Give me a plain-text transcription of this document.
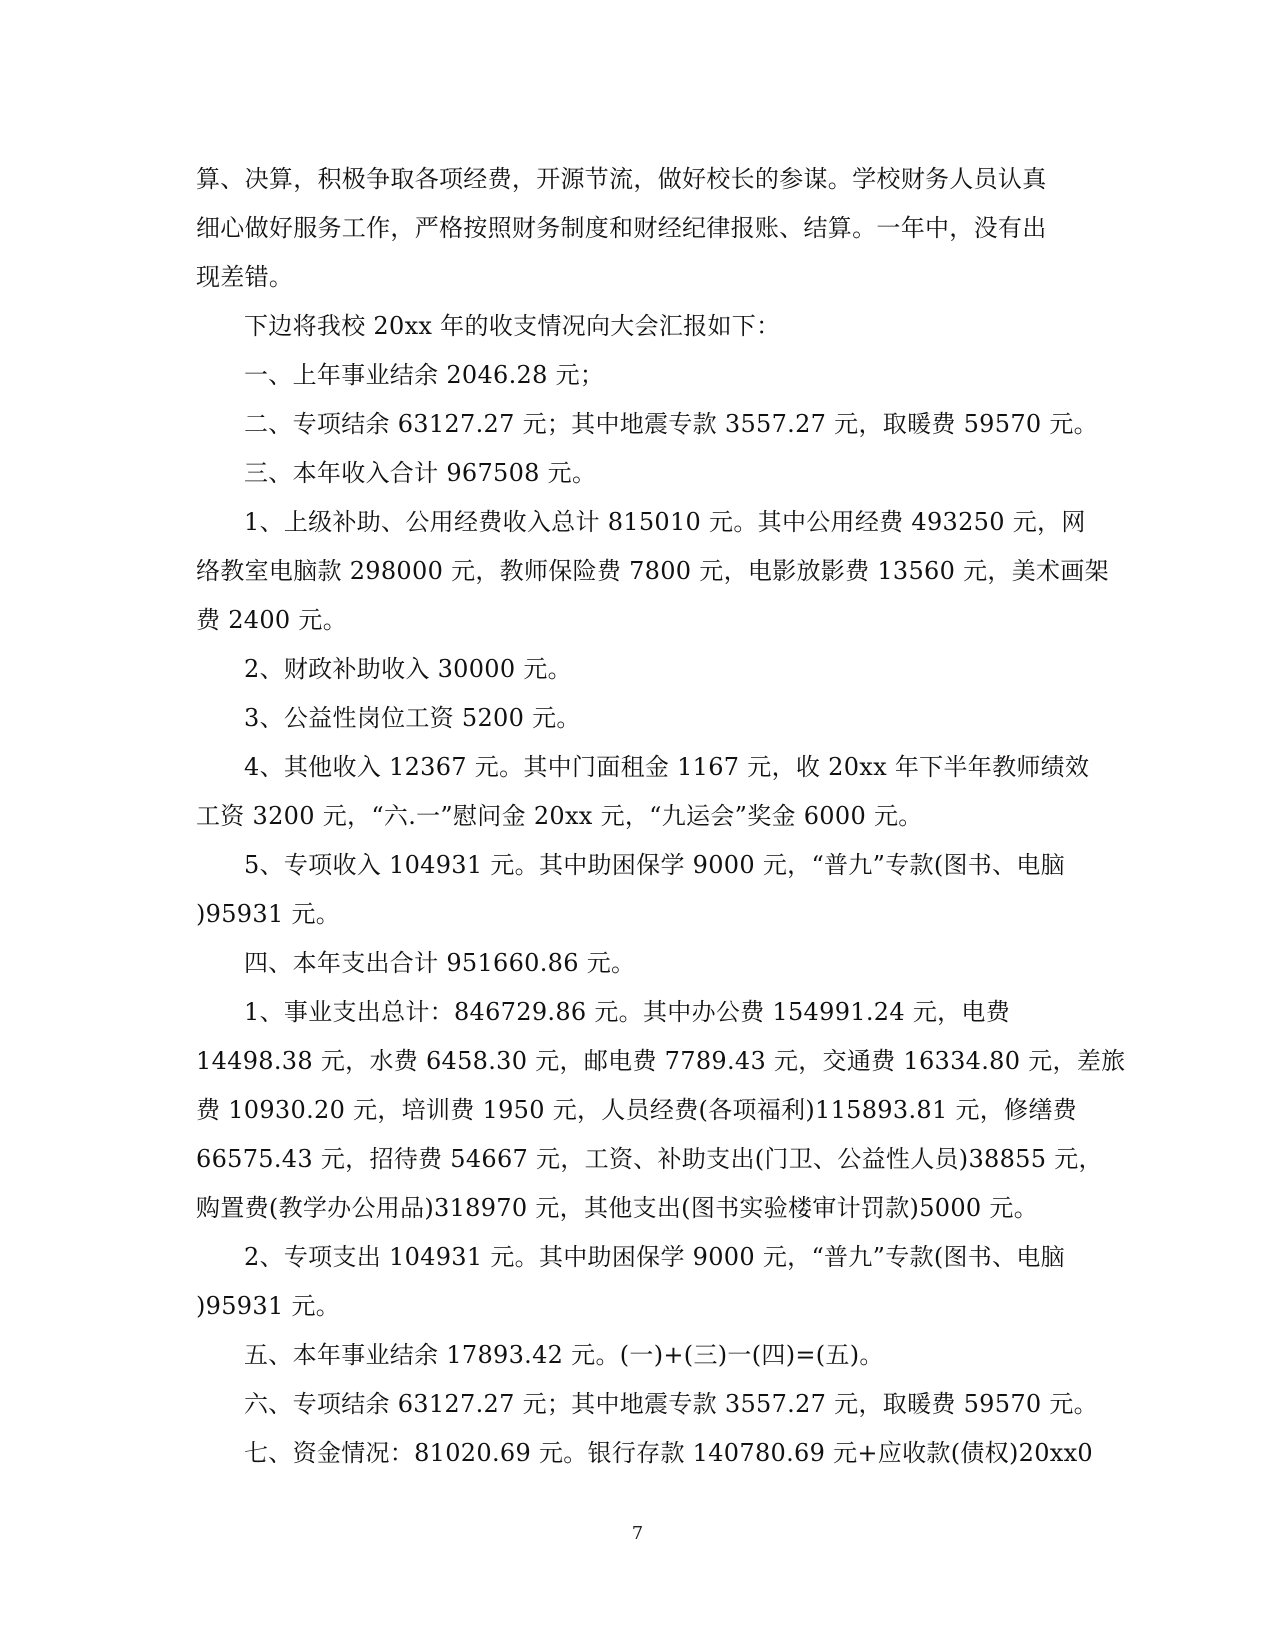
算、决算，积极争取各项经费，开源节流，做好校长的参谋。学校财务人员认真
细心做好服务工作，严格按照财务制度和财经纪律报账、结算。一年中，没有出
现差错。
下边将我校 20xx 年的收支情况向大会汇报如下：
一、上年事业结余 2046.28 元；
二、专项结余 63127.27 元；其中地震专款 3557.27 元，取暖费 59570 元。
三、本年收入合计 967508 元。
1、上级补助、公用经费收入总计 815010 元。其中公用经费 493250 元，网
络教室电脑款 298000 元，教师保险费 7800 元，电影放影费 13560 元，美术画架
费 2400 元。
2、财政补助收入 30000 元。
3、公益性岗位工资 5200 元。
4、其他收入 12367 元。其中门面租金 1167 元，收 20xx 年下半年教师绩效
工资 3200 元，“六.一”慰问金 20xx 元，“九运会”奖金 6000 元。
5、专项收入 104931 元。其中助困保学 9000 元，“普九”专款(图书、电脑
)95931 元。
四、本年支出合计 951660.86 元。
1、事业支出总计：846729.86 元。其中办公费 154991.24 元，电费
14498.38 元，水费 6458.30 元，邮电费 7789.43 元，交通费 16334.80 元，差旅
费 10930.20 元，培训费 1950 元，人员经费(各项福利)115893.81 元，修缮费
66575.43 元，招待费 54667 元，工资、补助支出(门卫、公益性人员)38855 元，
购置费(教学办公用品)318970 元，其他支出(图书实验楼审计罚款)5000 元。
2、专项支出 104931 元。其中助困保学 9000 元，“普九”专款(图书、电脑
)95931 元。
五、本年事业结余 17893.42 元。(一)+(三)一(四)=(五)。
六、专项结余 63127.27 元；其中地震专款 3557.27 元，取暖费 59570 元。
七、资金情况：81020.69 元。银行存款 140780.69 元+应收款(债权)20xx0
7
